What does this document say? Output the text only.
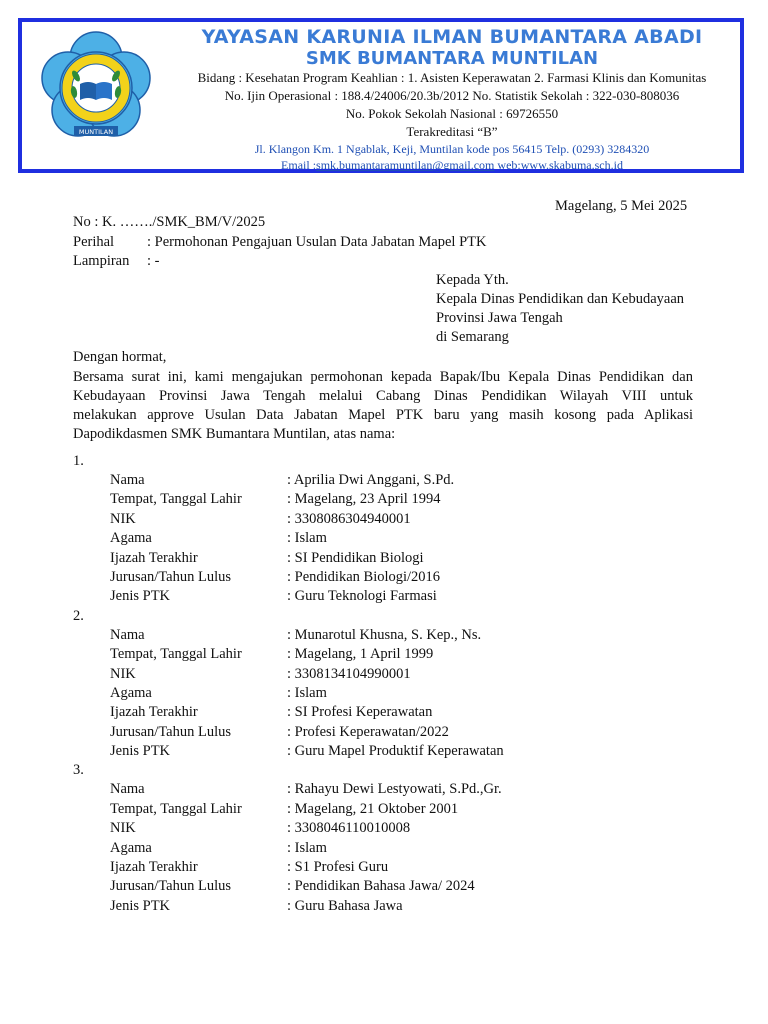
MUNTILAN
YAYASAN KARUNIA ILMAN BUMANTARA ABADI
SMK BUMANTARA MUNTILAN
Bidang : Kesehatan Program Keahlian : 1. Asisten Keperawatan 2. Farmasi Klinis dan Komunitas
No. Ijin Operasional : 188.4/24006/20.3b/2012 No. Statistik Sekolah : 322-030-808036
No. Pokok Sekolah Nasional : 69726550
Terakreditasi “B”
Jl. Klangon Km. 1 Ngablak, Keji, Muntilan kode pos 56415 Telp. (0293) 3284320
Email :smk.bumantaramuntilan@gmail.com web:www.skabuma.sch.id
Magelang, 5 Mei 2025
No : K. ……./SMK_BM/V/2025
Perihal : Permohonan Pengajuan Usulan Data Jabatan Mapel PTK
Lampiran : -
Kepada Yth.
Kepala Dinas Pendidikan dan Kebudayaan
Provinsi Jawa Tengah
di Semarang
Dengan hormat,
Bersama surat ini, kami mengajukan permohonan kepada Bapak/Ibu Kepala Dinas Pendidikan dan
Kebudayaan Provinsi Jawa Tengah melalui Cabang Dinas Pendidikan Wilayah VIII untuk
melakukan approve Usulan Data Jabatan Mapel PTK baru yang masih kosong pada Aplikasi
Dapodikdasmen SMK Bumantara Muntilan, atas nama:
1.
Nama	: Aprilia Dwi Anggani, S.Pd.
Tempat, Tanggal Lahir	: Magelang, 23 April 1994
NIK	: 3308086304940001
Agama	: Islam
Ijazah Terakhir	: SI Pendidikan Biologi
Jurusan/Tahun Lulus	: Pendidikan Biologi/2016
Jenis PTK	: Guru Teknologi Farmasi
2.
Nama	: Munarotul Khusna, S. Kep., Ns.
Tempat, Tanggal Lahir	: Magelang, 1 April 1999
NIK	: 3308134104990001
Agama	: Islam
Ijazah Terakhir	: SI Profesi Keperawatan
Jurusan/Tahun Lulus	: Profesi Keperawatan/2022
Jenis PTK	: Guru Mapel Produktif Keperawatan
3.
Nama	: Rahayu Dewi Lestyowati, S.Pd.,Gr.
Tempat, Tanggal Lahir	: Magelang, 21 Oktober 2001
NIK	: 3308046110010008
Agama	: Islam
Ijazah Terakhir	: S1 Profesi Guru
Jurusan/Tahun Lulus	: Pendidikan Bahasa Jawa/ 2024
Jenis PTK	: Guru Bahasa Jawa
